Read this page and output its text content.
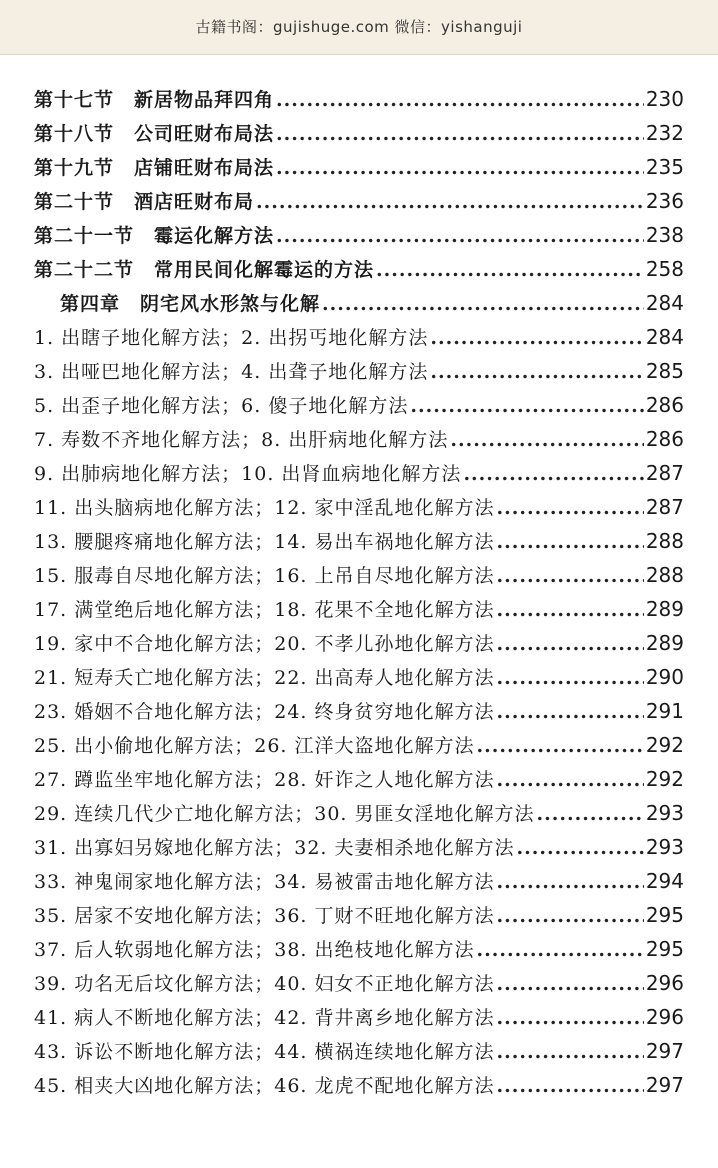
古籍书阁：gujishuge.com 微信：yishanguji
第十七节　新居物品拜四角 .....	230
第十八节　公司旺财布局法 .....	232
第十九节　店铺旺财布局法 .....	235
第二十节　酒店旺财布局 .....	236
第二十一节　霉运化解方法 .....	238
第二十二节　常用民间化解霉运的方法 .....	258
第四章　阴宅风水形煞与化解 .....	284
1. 出瞎子地化解方法；2. 出拐丐地化解方法 .....	284
3. 出哑巴地化解方法；4. 出聋子地化解方法 .....	285
5. 出歪子地化解方法；6. 傻子地化解方法 .....	286
7. 寿数不齐地化解方法；8. 出肝病地化解方法 .....	286
9. 出肺病地化解方法；10. 出肾血病地化解方法 .....	287
11. 出头脑病地化解方法；12. 家中淫乱地化解方法 .....	287
13. 腰腿疼痛地化解方法；14. 易出车祸地化解方法 .....	288
15. 服毒自尽地化解方法；16. 上吊自尽地化解方法 .....	288
17. 满堂绝后地化解方法；18. 花果不全地化解方法 .....	289
19. 家中不合地化解方法；20. 不孝儿孙地化解方法 .....	289
21. 短寿夭亡地化解方法；22. 出高寿人地化解方法 .....	290
23. 婚姻不合地化解方法；24. 终身贫穷地化解方法 .....	291
25. 出小偷地化解方法；26. 江洋大盗地化解方法 .....	292
27. 蹲监坐牢地化解方法；28. 奸诈之人地化解方法 .....	292
29. 连续几代少亡地化解方法；30. 男匪女淫地化解方法 .....	293
31. 出寡妇另嫁地化解方法；32. 夫妻相杀地化解方法 .....	293
33. 神鬼闹家地化解方法；34. 易被雷击地化解方法 .....	294
35. 居家不安地化解方法；36. 丁财不旺地化解方法 .....	295
37. 后人软弱地化解方法；38. 出绝枝地化解方法 .....	295
39. 功名无后坟化解方法；40. 妇女不正地化解方法 .....	296
41. 病人不断地化解方法；42. 背井离乡地化解方法 .....	296
43. 诉讼不断地化解方法；44. 横祸连续地化解方法 .....	297
45. 相夹大凶地化解方法；46. 龙虎不配地化解方法 .....	297
